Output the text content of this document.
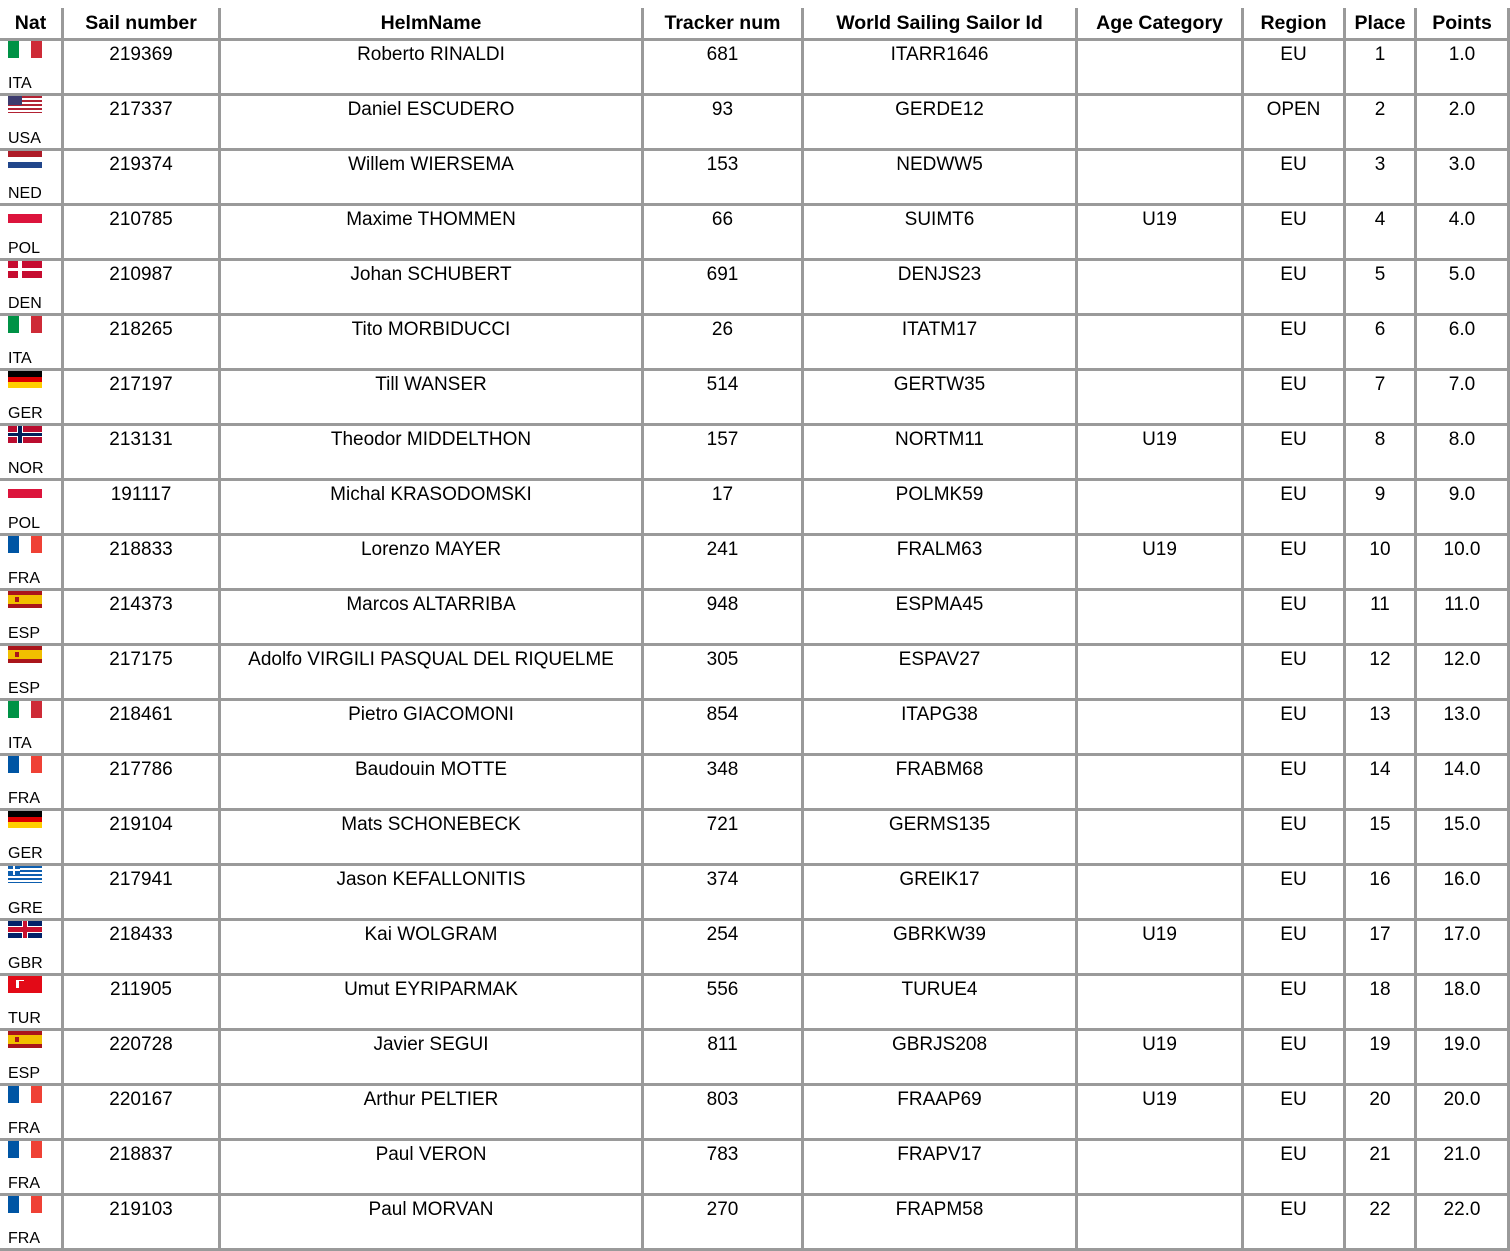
Nat	Sail number	HelmName	Tracker num	World Sailing Sailor Id	Age Category	Region	Place	Points

ITA	219369	Roberto RINALDI	681	ITARR1646		EU	1	1.0

USA	217337	Daniel ESCUDERO	93	GERDE12		OPEN	2	2.0

NED	219374	Willem WIERSEMA	153	NEDWW5		EU	3	3.0

POL	210785	Maxime THOMMEN	66	SUIMT6	U19	EU	4	4.0

DEN	210987	Johan SCHUBERT	691	DENJS23		EU	5	5.0

ITA	218265	Tito MORBIDUCCI	26	ITATM17		EU	6	6.0

GER	217197	Till WANSER	514	GERTW35		EU	7	7.0

NOR	213131	Theodor MIDDELTHON	157	NORTM11	U19	EU	8	8.0

POL	191117	Michal KRASODOMSKI	17	POLMK59		EU	9	9.0

FRA	218833	Lorenzo MAYER	241	FRALM63	U19	EU	10	10.0

ESP	214373	Marcos ALTARRIBA	948	ESPMA45		EU	11	11.0

ESP	217175	Adolfo VIRGILI PASQUAL DEL RIQUELME	305	ESPAV27		EU	12	12.0

ITA	218461	Pietro GIACOMONI	854	ITAPG38		EU	13	13.0

FRA	217786	Baudouin MOTTE	348	FRABM68		EU	14	14.0

GER	219104	Mats SCHONEBECK	721	GERMS135		EU	15	15.0

GRE	217941	Jason KEFALLONITIS	374	GREIK17		EU	16	16.0

GBR	218433	Kai WOLGRAM	254	GBRKW39	U19	EU	17	17.0

TUR	211905	Umut EYRIPARMAK	556	TURUE4		EU	18	18.0

ESP	220728	Javier SEGUI	811	GBRJS208	U19	EU	19	19.0

FRA	220167	Arthur PELTIER	803	FRAAP69	U19	EU	20	20.0

FRA	218837	Paul VERON	783	FRAPV17		EU	21	21.0

FRA	219103	Paul MORVAN	270	FRAPM58		EU	22	22.0
